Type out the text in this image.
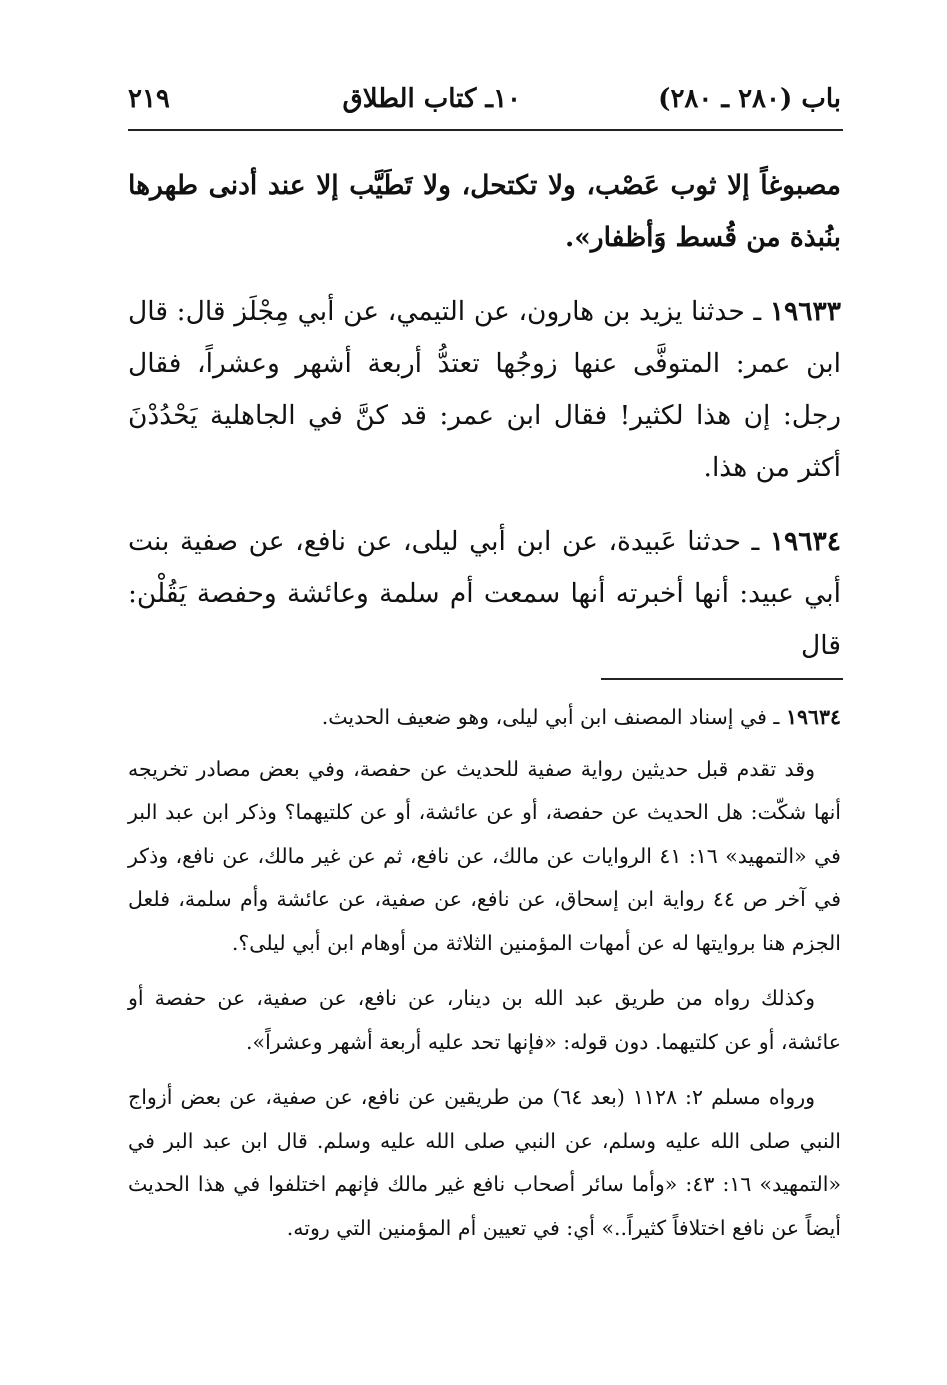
باب (٢٨٠ ـ ٢٨٠)
١٠ـ كتاب الطلاق
٢١٩

مصبوغاً إلا ثوب عَصْب، ولا تكتحل، ولا تَطَيَّب إلا عند أدنى طهرها بنُبذة من قُسط وَأظفار».

١٩٦٣٣ ـ حدثنا يزيد بن هارون، عن التيمي، عن أبي مِجْلَز قال: قال ابن عمر: المتوفَّى عنها زوجُها تعتدُّ أربعة أشهر وعشراً، فقال رجل: إن هذا لكثير! فقال ابن عمر: قد كنَّ في الجاهلية يَحْدُدْنَ أكثر من هذا.

١٩٦٣٤ ـ حدثنا عَبيدة، عن ابن أبي ليلى، عن نافع، عن صفية بنت أبي عبيد: أنها أخبرته أنها سمعت أم سلمة وعائشة وحفصة يَقُلْن: قال

١٩٦٣٤ ـ في إسناد المصنف ابن أبي ليلى، وهو ضعيف الحديث.

وقد تقدم قبل حديثين رواية صفية للحديث عن حفصة، وفي بعض مصادر تخريجه أنها شكّت: هل الحديث عن حفصة، أو عن عائشة، أو عن كلتيهما؟ وذكر ابن عبد البر في «التمهيد» ١٦: ٤١ الروايات عن مالك، عن نافع، ثم عن غير مالك، عن نافع، وذكر في آخر ص ٤٤ رواية ابن إسحاق، عن نافع، عن صفية، عن عائشة وأم سلمة، فلعل الجزم هنا بروايتها له عن أمهات المؤمنين الثلاثة من أوهام ابن أبي ليلى؟.

وكذلك رواه من طريق عبد الله بن دينار، عن نافع، عن صفية، عن حفصة أو عائشة، أو عن كلتيهما. دون قوله: «فإنها تحد عليه أربعة أشهر وعشراً».

ورواه مسلم ٢: ١١٢٨ (بعد ٦٤) من طريقين عن نافع، عن صفية، عن بعض أزواج النبي صلى الله عليه وسلم، عن النبي صلى الله عليه وسلم. قال ابن عبد البر في «التمهيد» ١٦: ٤٣: «وأما سائر أصحاب نافع غير مالك فإنهم اختلفوا في هذا الحديث أيضاً عن نافع اختلافاً كثيراً..» أي: في تعيين أم المؤمنين التي روته.
